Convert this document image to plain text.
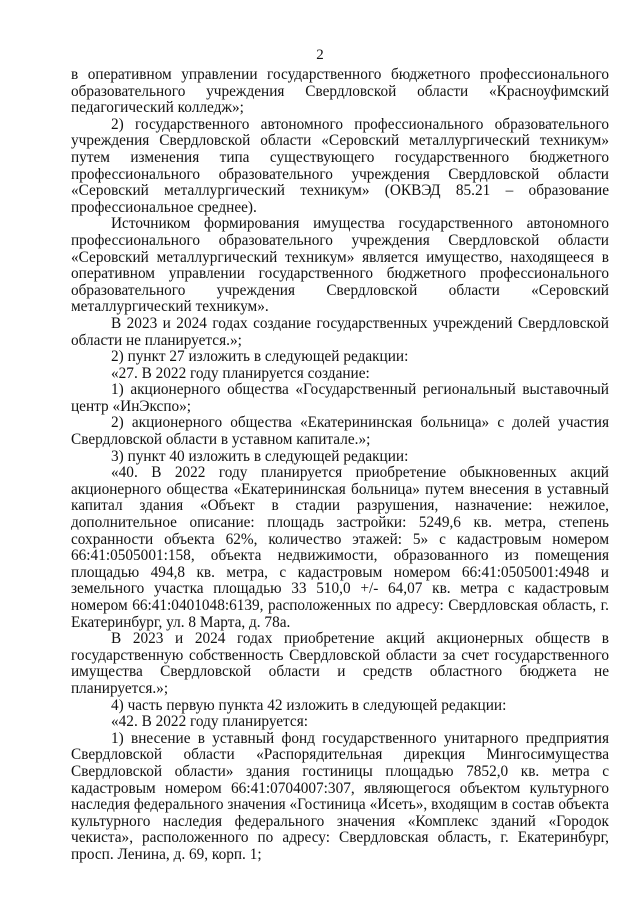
2

в оперативном управлении государственного бюджетного профессионального образовательного учреждения Свердловской области «Красноуфимский педагогический колледж»;

2) государственного автономного профессионального образовательного учреждения Свердловской области «Серовский металлургический техникум» путем изменения типа существующего государственного бюджетного профессионального образовательного учреждения Свердловской области «Серовский металлургический техникум» (ОКВЭД 85.21 – образование профессиональное среднее).

Источником формирования имущества государственного автономного профессионального образовательного учреждения Свердловской области «Серовский металлургический техникум» является имущество, находящееся в оперативном управлении государственного бюджетного профессионального образовательного учреждения Свердловской области «Серовский металлургический техникум».

В 2023 и 2024 годах создание государственных учреждений Свердловской области не планируется.»;

2) пункт 27 изложить в следующей редакции:

«27. В 2022 году планируется создание:

1) акционерного общества «Государственный региональный выставочный центр «ИнЭкспо»;

2) акционерного общества «Екатерининская больница» с долей участия Свердловской области в уставном капитале.»;

3) пункт 40 изложить в следующей редакции:

«40. В 2022 году планируется приобретение обыкновенных акций акционерного общества «Екатерининская больница» путем внесения в уставный капитал здания «Объект в стадии разрушения, назначение: нежилое, дополнительное описание: площадь застройки: 5249,6 кв. метра, степень сохранности объекта 62%, количество этажей: 5» с кадастровым номером 66:41:0505001:158, объекта недвижимости, образованного из помещения площадью 494,8 кв. метра, с кадастровым номером 66:41:0505001:4948 и земельного участка площадью 33 510,0 +/- 64,07 кв. метра с кадастровым номером 66:41:0401048:6139, расположенных по адресу: Свердловская область, г. Екатеринбург, ул. 8 Марта, д. 78а.

В 2023 и 2024 годах приобретение акций акционерных обществ в государственную собственность Свердловской области за счет государственного имущества Свердловской области и средств областного бюджета не планируется.»;

4) часть первую пункта 42 изложить в следующей редакции:

«42. В 2022 году планируется:

1) внесение в уставный фонд государственного унитарного предприятия Свердловской области «Распорядительная дирекция Мингосимущества Свердловской области» здания гостиницы площадью 7852,0 кв. метра с кадастровым номером 66:41:0704007:307, являющегося объектом культурного наследия федерального значения «Гостиница «Исеть», входящим в состав объекта культурного наследия федерального значения «Комплекс зданий «Городок чекиста», расположенного по адресу: Свердловская область, г. Екатеринбург, просп. Ленина, д. 69, корп. 1;
